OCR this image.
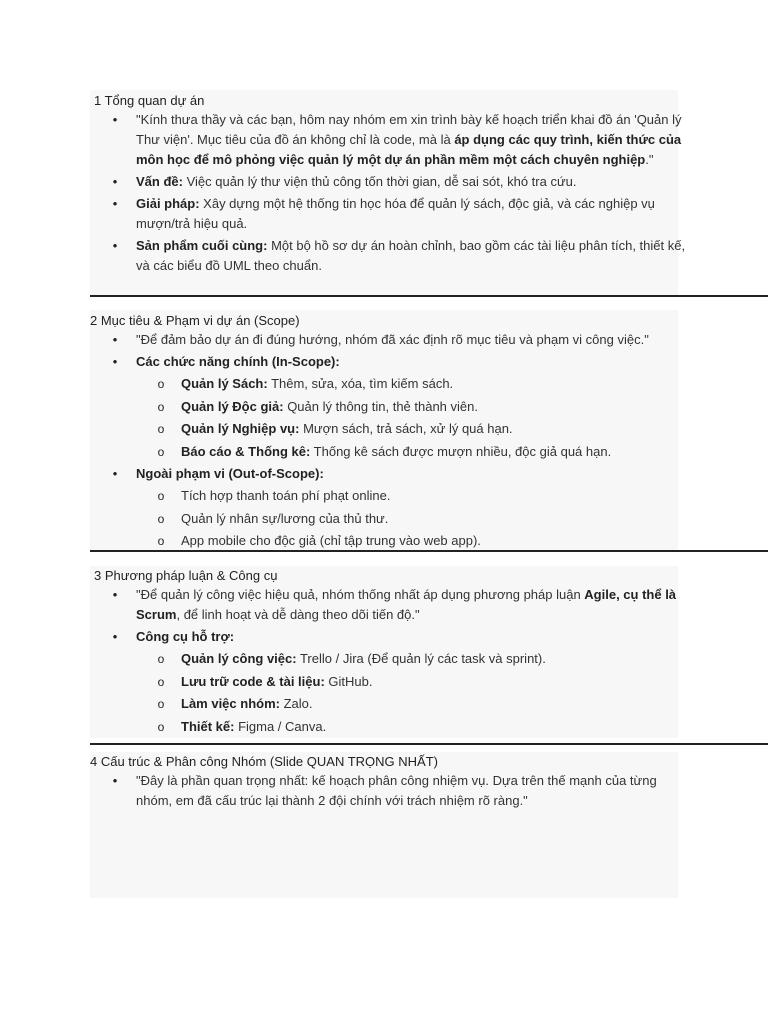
1 Tổng quan dự án
• "Kính thưa thầy và các bạn, hôm nay nhóm em xin trình bày kế hoạch triển khai đồ án 'Quản lý Thư viện'. Mục tiêu của đồ án không chỉ là code, mà là áp dụng các quy trình, kiến thức của môn học để mô phỏng việc quản lý một dự án phần mềm một cách chuyên nghiệp."
• Vấn đề: Việc quản lý thư viện thủ công tốn thời gian, dễ sai sót, khó tra cứu.
• Giải pháp: Xây dựng một hệ thống tin học hóa để quản lý sách, độc giả, và các nghiệp vụ mượn/trả hiệu quả.
• Sản phẩm cuối cùng: Một bộ hồ sơ dự án hoàn chỉnh, bao gồm các tài liệu phân tích, thiết kế, và các biểu đồ UML theo chuẩn.
2 Mục tiêu & Phạm vi dự án (Scope)
• "Để đảm bảo dự án đi đúng hướng, nhóm đã xác định rõ mục tiêu và phạm vi công việc."
• Các chức năng chính (In-Scope):
o Quản lý Sách: Thêm, sửa, xóa, tìm kiếm sách.
o Quản lý Độc giả: Quản lý thông tin, thẻ thành viên.
o Quản lý Nghiệp vụ: Mượn sách, trả sách, xử lý quá hạn.
o Báo cáo & Thống kê: Thống kê sách được mượn nhiều, độc giả quá hạn.
• Ngoài phạm vi (Out-of-Scope):
o Tích hợp thanh toán phí phạt online.
o Quản lý nhân sự/lương của thủ thư.
o App mobile cho độc giả (chỉ tập trung vào web app).
3 Phương pháp luận & Công cụ
• "Để quản lý công việc hiệu quả, nhóm thống nhất áp dụng phương pháp luận Agile, cụ thể là Scrum, để linh hoạt và dễ dàng theo dõi tiến độ."
• Công cụ hỗ trợ:
o Quản lý công việc: Trello / Jira (Để quản lý các task và sprint).
o Lưu trữ code & tài liệu: GitHub.
o Làm việc nhóm: Zalo.
o Thiết kế: Figma / Canva.
4 Cấu trúc & Phân công Nhóm (Slide QUAN TRỌNG NHẤT)
• "Đây là phần quan trọng nhất: kế hoạch phân công nhiệm vụ. Dựa trên thế mạnh của từng nhóm, em đã cấu trúc lại thành 2 đội chính với trách nhiệm rõ ràng."
